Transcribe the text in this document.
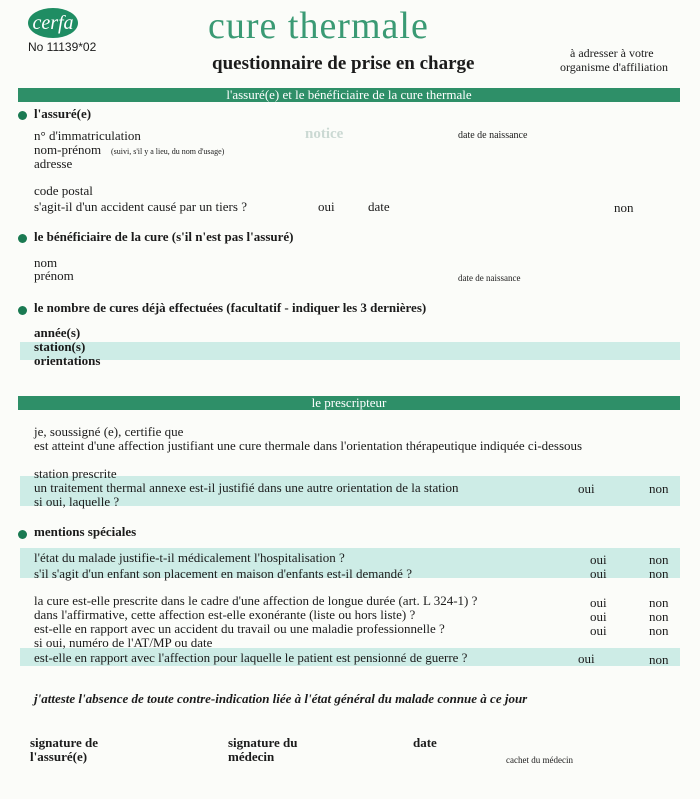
notice
cerfa
No 11139*02	cure thermale
questionnaire de prise en charge	à adresser à votre
organisme d'affiliation
l'assuré(e) et le bénéficiaire de la cure thermale
l'assuré(e)
n° d'immatriculation	date de naissance
nom-prénom (suivi, s'il y a lieu, du nom d'usage)
adresse
code postal
s'agit-il d'un accident causé par un tiers ?	oui	date	non
le bénéficiaire de la cure (s'il n'est pas l'assuré)
nom
prénom	date de naissance
le nombre de cures déjà effectuées (facultatif - indiquer les 3 dernières)
année(s)
station(s)
orientations
le prescripteur
je, soussigné (e), certifie que
est atteint d'une affection justifiant une cure thermale dans l'orientation thérapeutique indiquée ci-dessous
station prescrite
un traitement thermal annexe est-il justifié dans une autre orientation de la station	oui	non
si oui, laquelle ?
mentions spéciales
l'état du malade justifie-t-il médicalement l'hospitalisation ?	oui	non
s'il s'agit d'un enfant son placement en maison d'enfants est-il demandé ?	oui	non
la cure est-elle prescrite dans le cadre d'une affection de longue durée (art. L 324-1) ?	oui	non
dans l'affirmative, cette affection est-elle exonérante (liste ou hors liste) ?	oui	non
est-elle en rapport avec un accident du travail ou une maladie professionnelle ?	oui	non
si oui, numéro de l'AT/MP ou date
est-elle en rapport avec l'affection pour laquelle le patient est pensionné de guerre ?	oui	non
j'atteste l'absence de toute contre-indication liée à l'état général du malade connue à ce jour
signature de
l'assuré(e)
signature du
médecin
date
cachet du médecin
